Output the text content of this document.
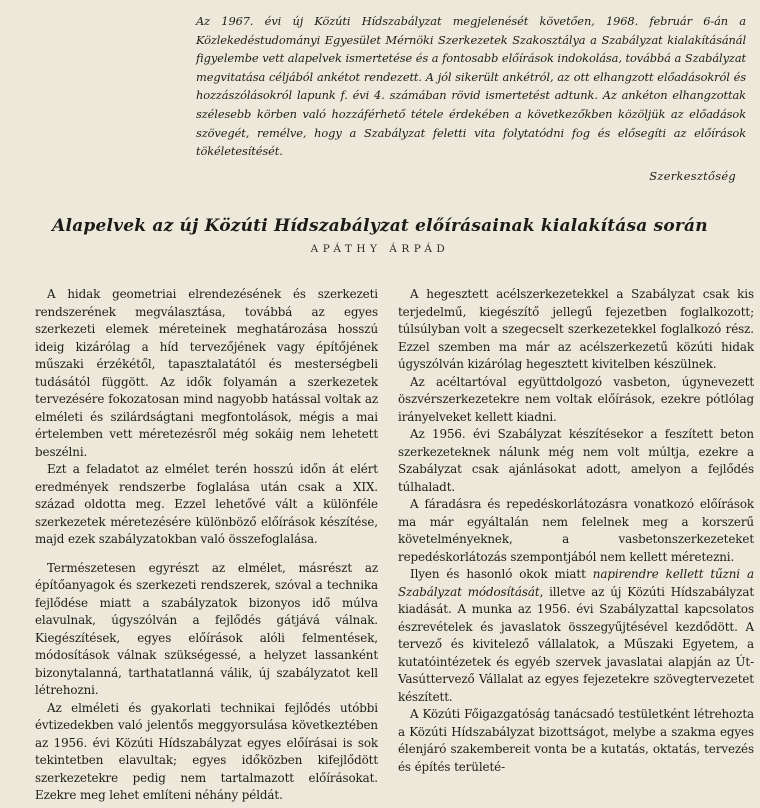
Az 1967. évi új Közúti Hídszabályzat megjelenését követően, 1968. február 6-án a Közlekedéstudományi Egyesület Mérnöki Szerkezetek Szakosztálya a Szabályzat kialakításánál figyelembe vett alapelvek ismertetése és a fontosabb előírások indokolása, továbbá a Szabályzat megvitatása céljából ankétot rendezett. A jól sikerült ankétról, az ott elhangzott előadásokról és hozzászólásokról lapunk f. évi 4. számában rövid ismertetést adtunk. Az ankéton elhangzottak szélesebb körben való hozzáférhető tétele érdekében a következőkben közöljük az előadások szövegét, remélve, hogy a Szabályzat feletti vita folytatódni fog és elősegíti az előírások tökéletesítését.

Szerkesztőség

Alapelvek az új Közúti Hídszabályzat előírásainak kialakítása során
APÁTHY ÁRPÁD

A hidak geometriai elrendezésének és szerkezeti rendszerének megválasztása, továbbá az egyes szerkezeti elemek méreteinek meghatározása hosszú ideig kizárólag a híd tervezőjének vagy építőjének műszaki érzékétől, tapasztalatától és mesterségbeli tudásától függött. Az idők folyamán a szerkezetek tervezésére fokozatosan mind nagyobb hatással voltak az elméleti és szilárdságtani megfontolások, mégis a mai értelemben vett méretezésről még sokáig nem lehetett beszélni.

Ezt a feladatot az elmélet terén hosszú időn át elért eredmények rendszerbe foglalása után csak a XIX. század oldotta meg. Ezzel lehetővé vált a különféle szerkezetek méretezésére különböző előírások készítése, majd ezek szabályzatokban való összefoglalása.

Természetesen egyrészt az elmélet, másrészt az építőanyagok és szerkezeti rendszerek, szóval a technika fejlődése miatt a szabályzatok bizonyos idő múlva elavulnak, úgyszólván a fejlődés gátjává válnak. Kiegészítések, egyes előírások alóli felmentések, módosítások válnak szükségessé, a helyzet lassanként bizonytalanná, tarthatatlanná válik, új szabályzatot kell létrehozni.

Az elméleti és gyakorlati technikai fejlődés utóbbi évtizedekben való jelentős meggyorsulása következtében az 1956. évi Közúti Hídszabályzat egyes előírásai is sok tekintetben elavultak; egyes időközben kifejlődött szerkezetekre pedig nem tartalmazott előírásokat. Ezekre meg lehet említeni néhány példát.

A hegesztett acélszerkezetekkel a Szabályzat csak kis terjedelmű, kiegészítő jellegű fejezetben foglalkozott; túlsúlyban volt a szegecselt szerkezetekkel foglalkozó rész. Ezzel szemben ma már az acélszerkezetű közúti hidak úgyszólván kizárólag hegesztett kivitelben készülnek.

Az acéltartóval együttdolgozó vasbeton, úgynevezett öszvérszerkezetekre nem voltak előírások, ezekre pótlólag irányelveket kellett kiadni.

Az 1956. évi Szabályzat készítésekor a feszített beton szerkezeteknek nálunk még nem volt múltja, ezekre a Szabályzat csak ajánlásokat adott, amelyon a fejlődés túlhaladt.

A fáradásra és repedéskorlátozásra vonatkozó előírások ma már egyáltalán nem felelnek meg a korszerű követelményeknek, a vasbetonszerkezeteket repedéskorlátozás szempontjából nem kellett méretezni.

Ilyen és hasonló okok miatt napirendre kellett tűzni a Szabályzat módosítását, illetve az új Közúti Hídszabályzat kiadását. A munka az 1956. évi Szabályzattal kapcsolatos észrevételek és javaslatok összegyűjtésével kezdődött. A tervező és kivitelező vállalatok, a Műszaki Egyetem, a kutatóintézetek és egyéb szervek javaslatai alapján az Út-Vasúttervező Vállalat az egyes fejezetekre szövegtervezetet készített.

A Közúti Főigazgatóság tanácsadó testületként létrehozta a Közúti Hídszabályzat bizottságot, melybe a szakma egyes élenjáró szakembereit vonta be a kutatás, oktatás, tervezés és építés területé-
